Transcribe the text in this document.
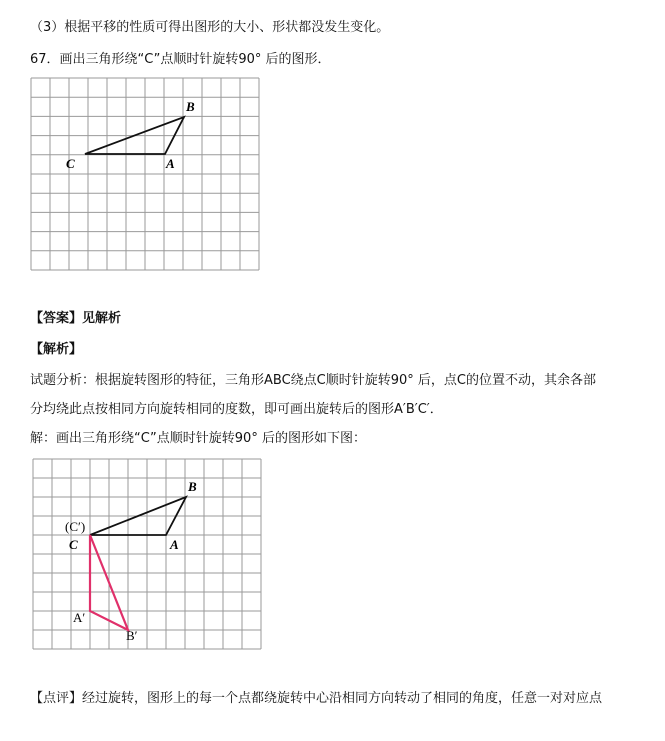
（3）根据平移的性质可得出图形的大小、形状都没发生变化。
67．画出三角形绕“C”点顺时针旋转90° 后的图形．
B
C	A
【答案】见解析
【解析】
试题分析：根据旋转图形的特征，三角形ABC绕点C顺时针旋转90° 后，点C的位置不动，其余各部
分均绕此点按相同方向旋转相同的度数，即可画出旋转后的图形A′B′C′．
解：画出三角形绕“C”点顺时针旋转90° 后的图形如下图：
B
(C′)
C	A
A′
B′
【点评】经过旋转，图形上的每一个点都绕旋转中心沿相同方向转动了相同的角度，任意一对对应点
